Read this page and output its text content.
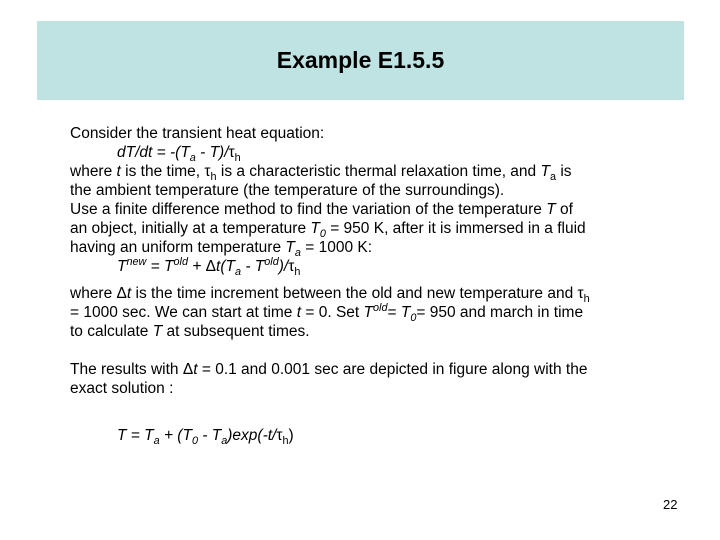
Example E1.5.5
Consider the transient heat equation:
$dT/dt = -(T_a - T)/\tau_h$
where t is the time, $\tau_h$ is a characteristic thermal relaxation time, and $T_a$ is
the ambient temperature (the temperature of the surroundings).
Use a finite difference method to find the variation of the temperature T of
an object, initially at a temperature $T_0 = 950$ K, after it is immersed in a fluid
having an uniform temperature $T_a = 1000$ K:
$T^{new} = T^{old} + \Delta t(T_a - T^{old})/\tau_h$
where Δt is the time increment between the old and new temperature and $\tau_h$
= 1000 sec. We can start at time t = 0. Set $T^{old}= T_0= 950$ and march in time
to calculate T at subsequent times.
The results with Δt = 0.1 and 0.001 sec are depicted in figure along with the
exact solution :
$T = T_a + (T_0 - T_a)\exp(-t/\tau_h)$
22
